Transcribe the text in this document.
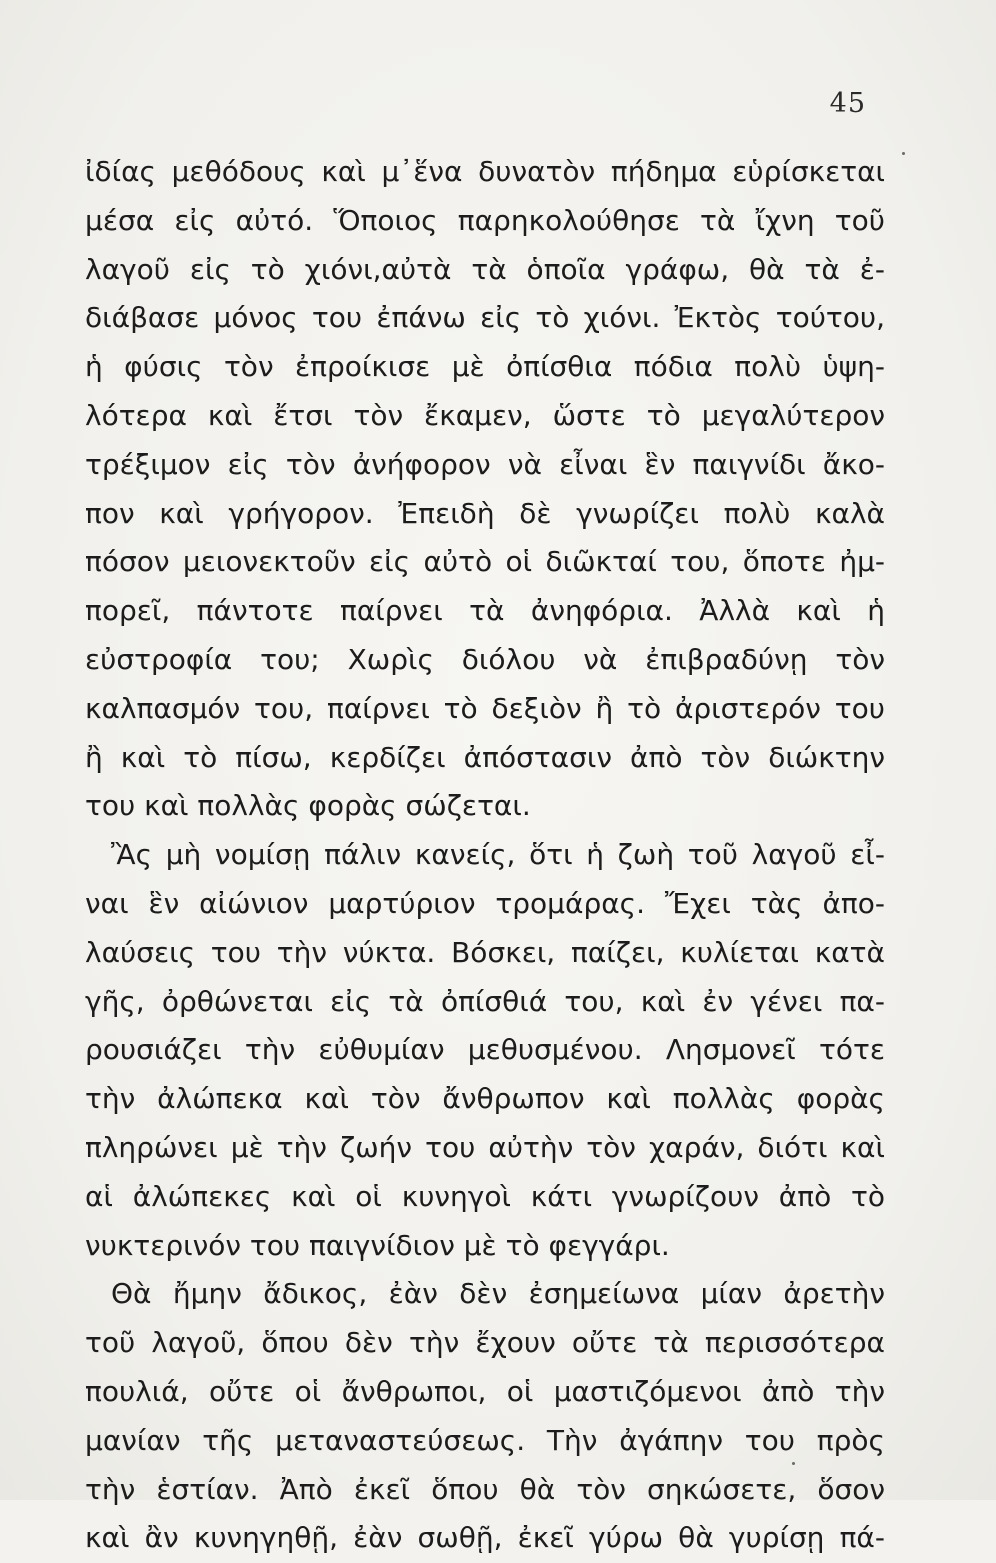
45
ἰδίας μεθόδους καὶ μ᾿ἕνα δυνατὸν πήδημα εὑρίσκεται
μέσα εἰς αὐτό. Ὅποιος παρηκολούθησε τὰ ἴχνη τοῦ
λαγοῦ εἰς τὸ χιόνι,αὐτὰ τὰ ὁποῖα γράφω, θὰ τὰ ἐ-
διάβασε μόνος του ἐπάνω εἰς τὸ χιόνι. Ἐκτὸς τούτου,
ἡ φύσις τὸν ἐπροίκισε μὲ ὀπίσθια πόδια πολὺ ὑψη-
λότερα καὶ ἔτσι τὸν ἔκαμεν, ὥστε τὸ μεγαλύτερον
τρέξιμον εἰς τὸν ἀνήφορον νὰ εἶναι ἓν παιγνίδι ἄκο-
πον καὶ γρήγορον. Ἐπειδὴ δὲ γνωρίζει πολὺ καλὰ
πόσον μειονεκτοῦν εἰς αὐτὸ οἱ διῶκταί του, ὅποτε ἠμ-
πορεῖ, πάντοτε παίρνει τὰ ἀνηφόρια. Ἀλλὰ καὶ ἡ
εὐστροφία του; Χωρὶς διόλου νὰ ἐπιβραδύνῃ τὸν
καλπασμόν του, παίρνει τὸ δεξιὸν ἢ τὸ ἀριστερόν του
ἢ καὶ τὸ πίσω, κερδίζει ἀπόστασιν ἀπὸ τὸν διώκτην
του καὶ πολλὰς φορὰς σώζεται.
Ἂς μὴ νομίσῃ πάλιν κανείς, ὅτι ἡ ζωὴ τοῦ λαγοῦ εἶ-
ναι ἓν αἰώνιον μαρτύριον τρομάρας. Ἔχει τὰς ἀπο-
λαύσεις του τὴν νύκτα. Βόσκει, παίζει, κυλίεται κατὰ
γῆς, ὀρθώνεται εἰς τὰ ὀπίσθιά του, καὶ ἐν γένει πα-
ρουσιάζει τὴν εὐθυμίαν μεθυσμένου. Λησμονεῖ τότε
τὴν ἀλώπεκα καὶ τὸν ἄνθρωπον καὶ πολλὰς φορὰς
πληρώνει μὲ τὴν ζωήν του αὐτὴν τὸν χαράν, διότι καὶ
αἱ ἀλώπεκες καὶ οἱ κυνηγοὶ κάτι γνωρίζουν ἀπὸ τὸ
νυκτερινόν του παιγνίδιον μὲ τὸ φεγγάρι.
Θὰ ἤμην ἄδικος, ἐὰν δὲν ἐσημείωνα μίαν ἀρετὴν
τοῦ λαγοῦ, ὅπου δὲν τὴν ἔχουν οὔτε τὰ περισσότερα
πουλιά, οὔτε οἱ ἄνθρωποι, οἱ μαστιζόμενοι ἀπὸ τὴν
μανίαν τῆς μεταναστεύσεως. Τὴν ἀγάπην του πρὸς
τὴν ἑστίαν. Ἀπὸ ἐκεῖ ὅπου θὰ τὸν σηκώσετε, ὅσον
καὶ ἂν κυνηγηθῇ, ἐὰν σωθῇ, ἐκεῖ γύρω θὰ γυρίσῃ πά-
